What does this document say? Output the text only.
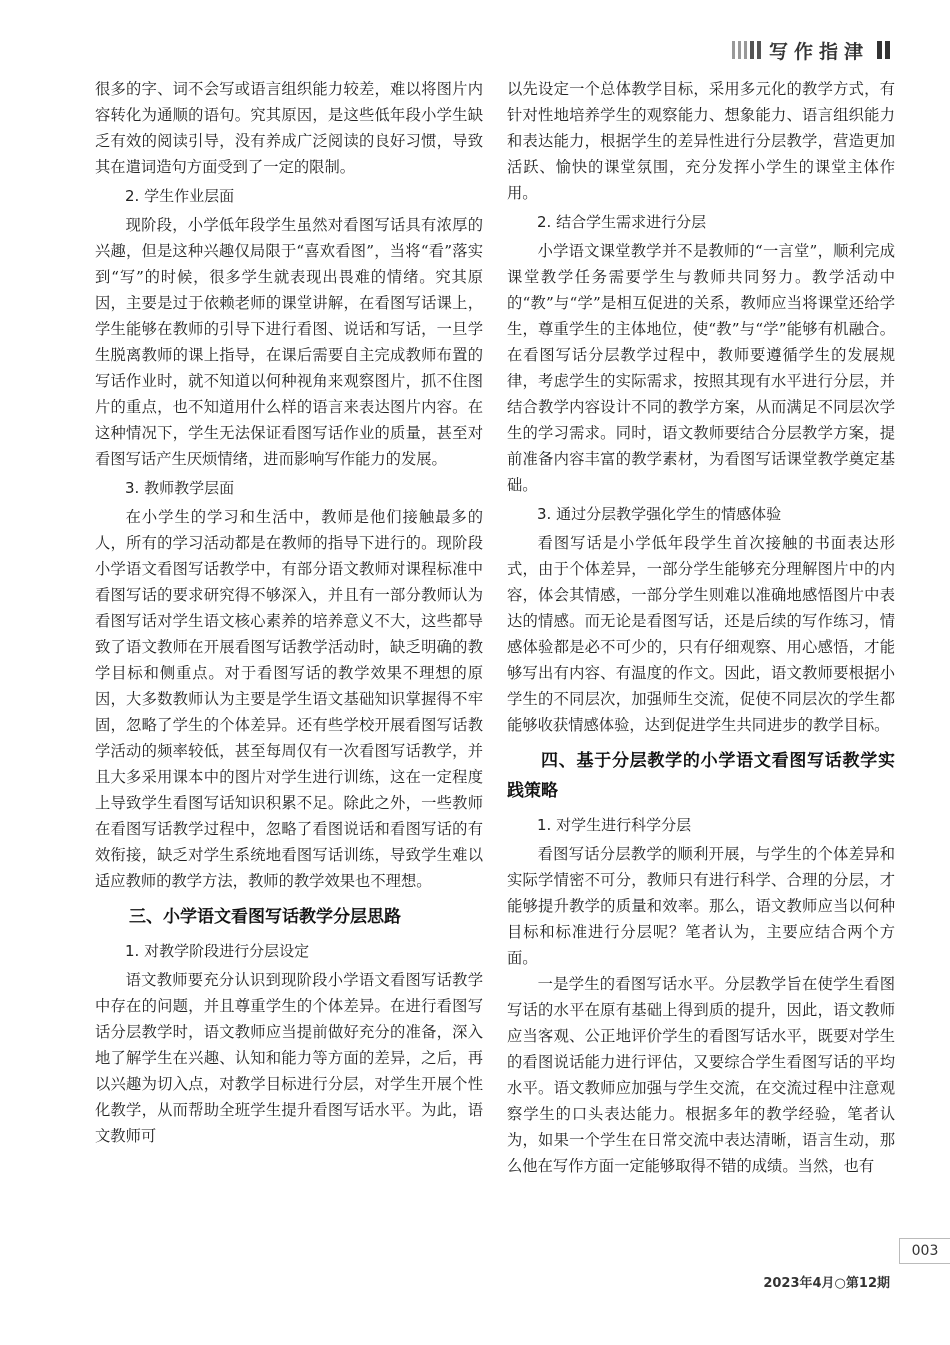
写作指津

很多的字、词不会写或语言组织能力较差，难以将图片内容转化为通顺的语句。究其原因，是这些低年段小学生缺乏有效的阅读引导，没有养成广泛阅读的良好习惯，导致其在遣词造句方面受到了一定的限制。

2. 学生作业层面

现阶段，小学低年段学生虽然对看图写话具有浓厚的兴趣，但是这种兴趣仅局限于“喜欢看图”，当将“看”落实到“写”的时候，很多学生就表现出畏难的情绪。究其原因，主要是过于依赖老师的课堂讲解，在看图写话课上，学生能够在教师的引导下进行看图、说话和写话，一旦学生脱离教师的课上指导，在课后需要自主完成教师布置的写话作业时，就不知道以何种视角来观察图片，抓不住图片的重点，也不知道用什么样的语言来表达图片内容。在这种情况下，学生无法保证看图写话作业的质量，甚至对看图写话产生厌烦情绪，进而影响写作能力的发展。

3. 教师教学层面

在小学生的学习和生活中，教师是他们接触最多的人，所有的学习活动都是在教师的指导下进行的。现阶段小学语文看图写话教学中，有部分语文教师对课程标准中看图写话的要求研究得不够深入，并且有一部分教师认为看图写话对学生语文核心素养的培养意义不大，这些都导致了语文教师在开展看图写话教学活动时，缺乏明确的教学目标和侧重点。对于看图写话的教学效果不理想的原因，大多数教师认为主要是学生语文基础知识掌握得不牢固，忽略了学生的个体差异。还有些学校开展看图写话教学活动的频率较低，甚至每周仅有一次看图写话教学，并且大多采用课本中的图片对学生进行训练，这在一定程度上导致学生看图写话知识积累不足。除此之外，一些教师在看图写话教学过程中，忽略了看图说话和看图写话的有效衔接，缺乏对学生系统地看图写话训练，导致学生难以适应教师的教学方法，教师的教学效果也不理想。

三、小学语文看图写话教学分层思路

1. 对教学阶段进行分层设定

语文教师要充分认识到现阶段小学语文看图写话教学中存在的问题，并且尊重学生的个体差异。在进行看图写话分层教学时，语文教师应当提前做好充分的准备，深入地了解学生在兴趣、认知和能力等方面的差异，之后，再以兴趣为切入点，对教学目标进行分层，对学生开展个性化教学，从而帮助全班学生提升看图写话水平。为此，语文教师可

以先设定一个总体教学目标，采用多元化的教学方式，有针对性地培养学生的观察能力、想象能力、语言组织能力和表达能力，根据学生的差异性进行分层教学，营造更加活跃、愉快的课堂氛围，充分发挥小学生的课堂主体作用。

2. 结合学生需求进行分层

小学语文课堂教学并不是教师的“一言堂”，顺利完成课堂教学任务需要学生与教师共同努力。教学活动中的“教”与“学”是相互促进的关系，教师应当将课堂还给学生，尊重学生的主体地位，使“教”与“学”能够有机融合。在看图写话分层教学过程中，教师要遵循学生的发展规律，考虑学生的实际需求，按照其现有水平进行分层，并结合教学内容设计不同的教学方案，从而满足不同层次学生的学习需求。同时，语文教师要结合分层教学方案，提前准备内容丰富的教学素材，为看图写话课堂教学奠定基础。

3. 通过分层教学强化学生的情感体验

看图写话是小学低年段学生首次接触的书面表达形式，由于个体差异，一部分学生能够充分理解图片中的内容，体会其情感，一部分学生则难以准确地感悟图片中表达的情感。而无论是看图写话，还是后续的写作练习，情感体验都是必不可少的，只有仔细观察、用心感悟，才能够写出有内容、有温度的作文。因此，语文教师要根据小学生的不同层次，加强师生交流，促使不同层次的学生都能够收获情感体验，达到促进学生共同进步的教学目标。

四、基于分层教学的小学语文看图写话教学实践策略

1. 对学生进行科学分层

看图写话分层教学的顺利开展，与学生的个体差异和实际学情密不可分，教师只有进行科学、合理的分层，才能够提升教学的质量和效率。那么，语文教师应当以何种目标和标准进行分层呢？笔者认为，主要应结合两个方面。

一是学生的看图写话水平。分层教学旨在使学生看图写话的水平在原有基础上得到质的提升，因此，语文教师应当客观、公正地评价学生的看图写话水平，既要对学生的看图说话能力进行评估，又要综合学生看图写话的平均水平。语文教师应加强与学生交流，在交流过程中注意观察学生的口头表达能力。根据多年的教学经验，笔者认为，如果一个学生在日常交流中表达清晰，语言生动，那么他在写作方面一定能够取得不错的成绩。当然，也有

003
2023年4月○第12期
